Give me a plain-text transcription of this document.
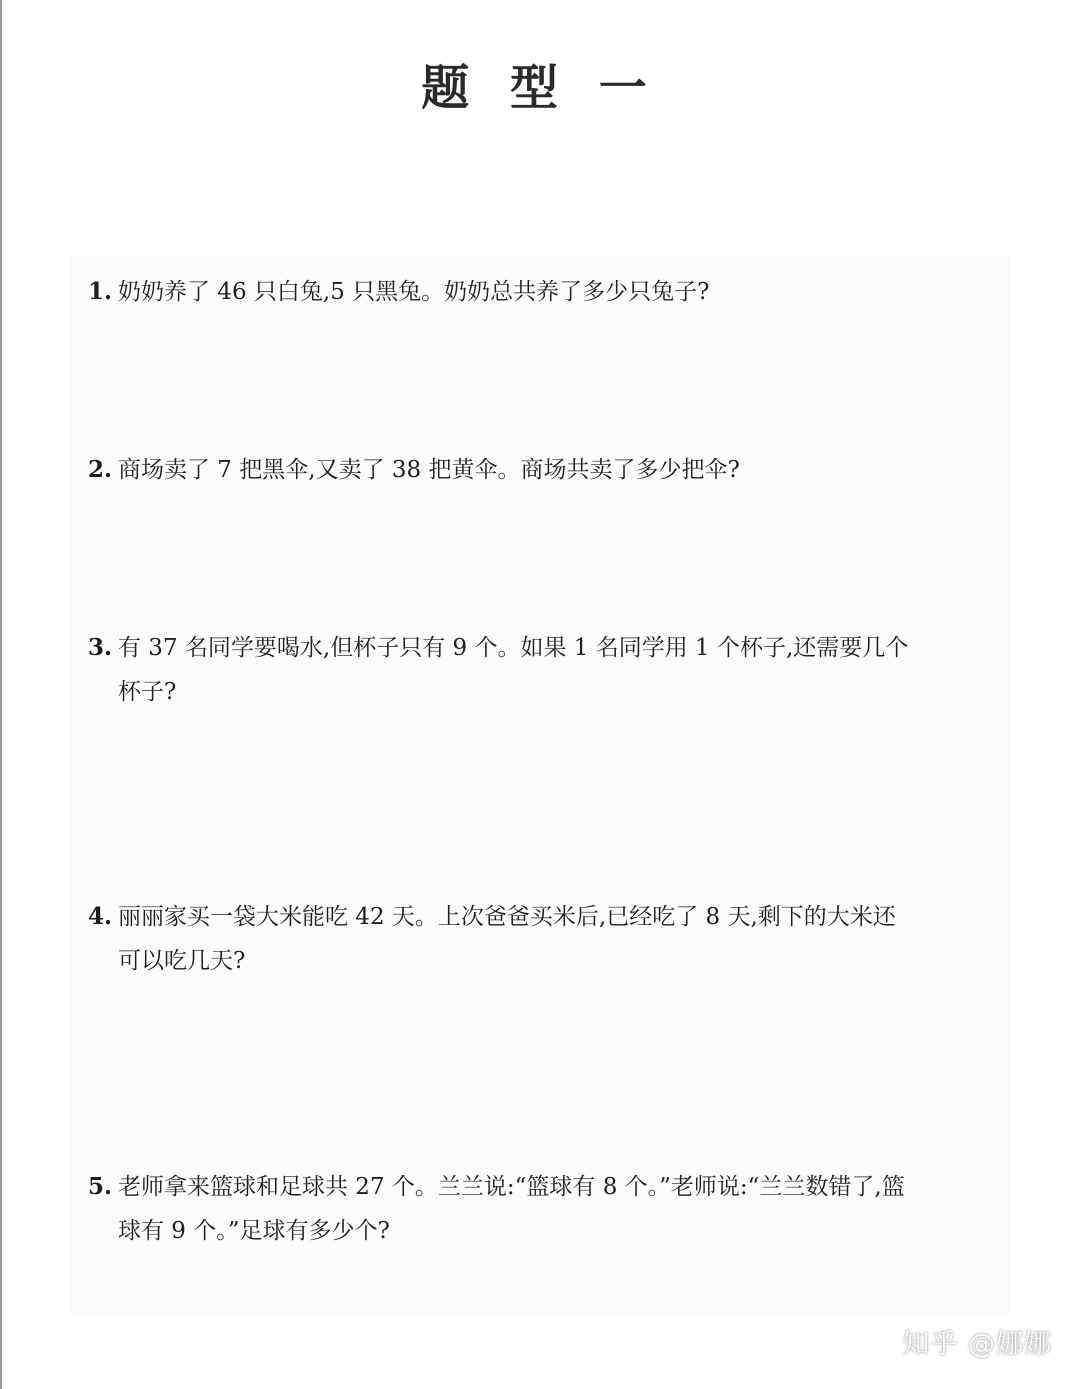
题 型 一
1. 奶奶养了 46 只白兔,5 只黑兔。奶奶总共养了多少只兔子?
2. 商场卖了 7 把黑伞,又卖了 38 把黄伞。商场共卖了多少把伞?
3. 有 37 名同学要喝水,但杯子只有 9 个。如果 1 名同学用 1 个杯子,还需要几个
杯子?
4. 丽丽家买一袋大米能吃 42 天。上次爸爸买米后,已经吃了 8 天,剩下的大米还
可以吃几天?
5. 老师拿来篮球和足球共 27 个。兰兰说:“篮球有 8 个。”老师说:“兰兰数错了,篮
球有 9 个。”足球有多少个?
知乎 @娜娜
